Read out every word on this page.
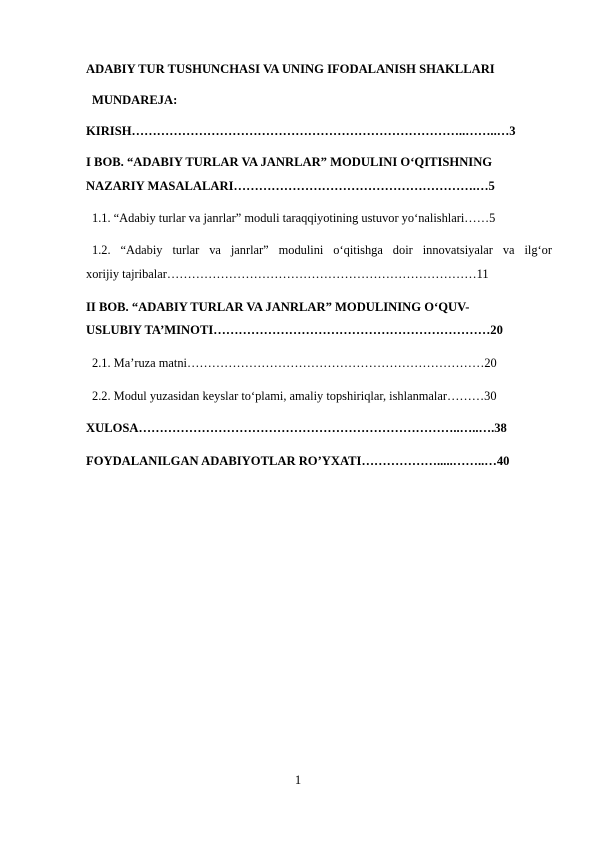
ADABIY TUR TUSHUNCHASI VA UNING IFODALANISH SHAKLLARI
MUNDAREJA:
KIRISH……………………………………………………………………..……..…3
I BOB. “ADABIY TURLAR VA JANRLAR” MODULINI O‘QITISHNING
NAZARIY MASALALARI………………………………………………….…5
1.1. “Adabiy turlar va janrlar” moduli taraqqiyotining ustuvor yo‘nalishlari……5
1.2. “Adabiy turlar va janrlar” modulini o‘qitishga doir innovatsiyalar va ilg‘or
xorijiy tajribalar…………………………………………………………………11
II BOB. “ADABIY TURLAR VA JANRLAR” MODULINING O‘QUV-
USLUBIY TA’MINOTI…………………………………………………………20
2.1. Ma’ruza matni………………………………………………………………20
2.2. Modul yuzasidan keyslar to‘plami, amaliy topshiriqlar, ishlanmalar………30
XULOSA…………………………………………………………………..…..….38
FOYDALANILGAN ADABIYOTLAR RO’YXATI……………….....……..…40
1
